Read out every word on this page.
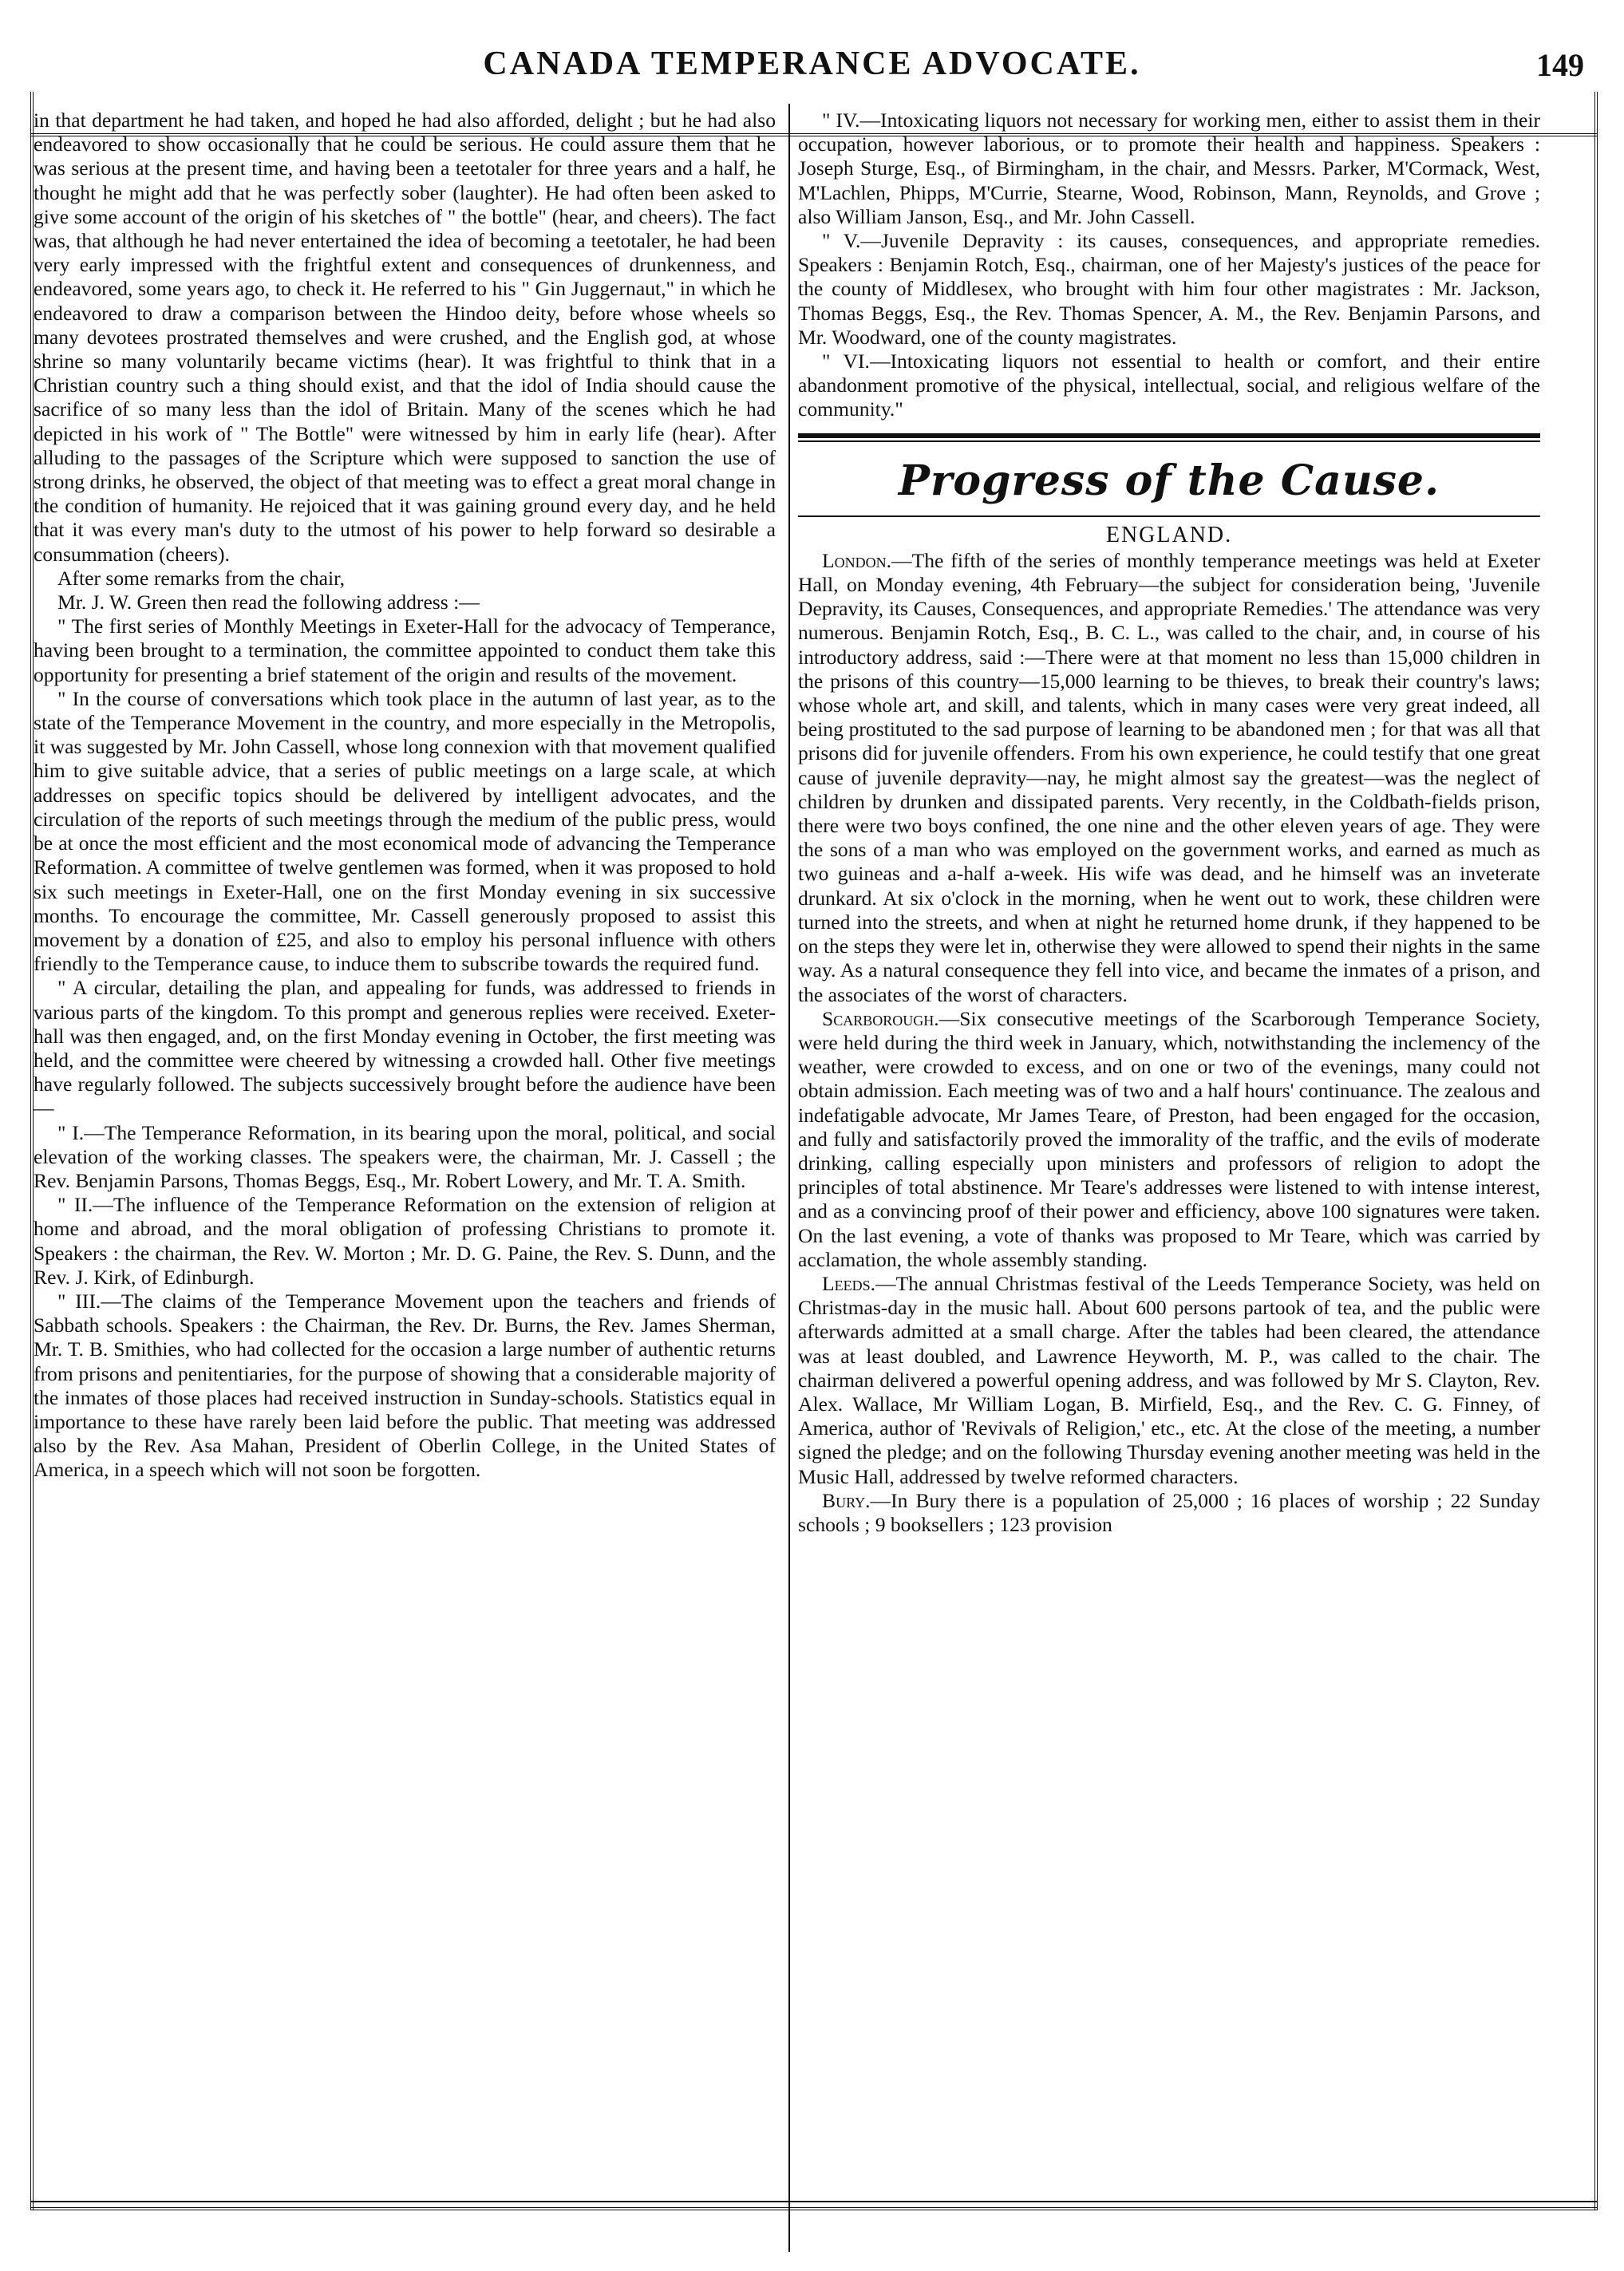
CANADA TEMPERANCE ADVOCATE.	149

in that department he had taken, and hoped he had also afforded, delight ; but he had also endeavored to show occasionally that he could be serious. He could assure them that he was serious at the present time, and having been a teetotaler for three years and a half, he thought he might add that he was perfectly sober (laughter). He had often been asked to give some account of the origin of his sketches of " the bottle" (hear, and cheers). The fact was, that although he had never entertained the idea of becoming a teetotaler, he had been very early impressed with the frightful extent and consequences of drunkenness, and endeavored, some years ago, to check it. He referred to his " Gin Juggernaut," in which he endeavored to draw a comparison between the Hindoo deity, before whose wheels so many devotees prostrated themselves and were crushed, and the English god, at whose shrine so many voluntarily became victims (hear). It was frightful to think that in a Christian country such a thing should exist, and that the idol of India should cause the sacrifice of so many less than the idol of Britain. Many of the scenes which he had depicted in his work of " The Bottle" were witnessed by him in early life (hear). After alluding to the passages of the Scripture which were supposed to sanction the use of strong drinks, he observed, the object of that meeting was to effect a great moral change in the condition of humanity. He rejoiced that it was gaining ground every day, and he held that it was every man's duty to the utmost of his power to help forward so desirable a consummation (cheers).

After some remarks from the chair,

Mr. J. W. Green then read the following address :—

" The first series of Monthly Meetings in Exeter-Hall for the advocacy of Temperance, having been brought to a termination, the committee appointed to conduct them take this opportunity for presenting a brief statement of the origin and results of the movement.

" In the course of conversations which took place in the autumn of last year, as to the state of the Temperance Movement in the country, and more especially in the Metropolis, it was suggested by Mr. John Cassell, whose long connexion with that movement qualified him to give suitable advice, that a series of public meetings on a large scale, at which addresses on specific topics should be delivered by intelligent advocates, and the circulation of the reports of such meetings through the medium of the public press, would be at once the most efficient and the most economical mode of advancing the Temperance Reformation. A committee of twelve gentlemen was formed, when it was proposed to hold six such meetings in Exeter-Hall, one on the first Monday evening in six successive months. To encourage the committee, Mr. Cassell generously proposed to assist this movement by a donation of £25, and also to employ his personal influence with others friendly to the Temperance cause, to induce them to subscribe towards the required fund.

" A circular, detailing the plan, and appealing for funds, was addressed to friends in various parts of the kingdom. To this prompt and generous replies were received. Exeter-hall was then engaged, and, on the first Monday evening in October, the first meeting was held, and the committee were cheered by witnessing a crowded hall. Other five meetings have regularly followed. The subjects successively brought before the audience have been—

" I.—The Temperance Reformation, in its bearing upon the moral, political, and social elevation of the working classes. The speakers were, the chairman, Mr. J. Cassell ; the Rev. Benjamin Parsons, Thomas Beggs, Esq., Mr. Robert Lowery, and Mr. T. A. Smith.

" II.—The influence of the Temperance Reformation on the extension of religion at home and abroad, and the moral obligation of professing Christians to promote it. Speakers : the chairman, the Rev. W. Morton ; Mr. D. G. Paine, the Rev. S. Dunn, and the Rev. J. Kirk, of Edinburgh.

" III.—The claims of the Temperance Movement upon the teachers and friends of Sabbath schools. Speakers : the Chairman, the Rev. Dr. Burns, the Rev. James Sherman, Mr. T. B. Smithies, who had collected for the occasion a large number of authentic returns from prisons and penitentiaries, for the purpose of showing that a considerable majority of the inmates of those places had received instruction in Sunday-schools. Statistics equal in importance to these have rarely been laid before the public. That meeting was addressed also by the Rev. Asa Mahan, President of Oberlin College, in the United States of America, in a speech which will not soon be forgotten.

" IV.—Intoxicating liquors not necessary for working men, either to assist them in their occupation, however laborious, or to promote their health and happiness. Speakers : Joseph Sturge, Esq., of Birmingham, in the chair, and Messrs. Parker, M'Cormack, West, M'Lachlen, Phipps, M'Currie, Stearne, Wood, Robinson, Mann, Reynolds, and Grove ; also William Janson, Esq., and Mr. John Cassell.

" V.—Juvenile Depravity : its causes, consequences, and appropriate remedies. Speakers : Benjamin Rotch, Esq., chairman, one of her Majesty's justices of the peace for the county of Middlesex, who brought with him four other magistrates : Mr. Jackson, Thomas Beggs, Esq., the Rev. Thomas Spencer, A. M., the Rev. Benjamin Parsons, and Mr. Woodward, one of the county magistrates.

" VI.—Intoxicating liquors not essential to health or comfort, and their entire abandonment promotive of the physical, intellectual, social, and religious welfare of the community."

Progress of the Cause.
ENGLAND.

London.—The fifth of the series of monthly temperance meetings was held at Exeter Hall, on Monday evening, 4th February—the subject for consideration being, 'Juvenile Depravity, its Causes, Consequences, and appropriate Remedies.' The attendance was very numerous. Benjamin Rotch, Esq., B. C. L., was called to the chair, and, in course of his introductory address, said :—There were at that moment no less than 15,000 children in the prisons of this country—15,000 learning to be thieves, to break their country's laws; whose whole art, and skill, and talents, which in many cases were very great indeed, all being prostituted to the sad purpose of learning to be abandoned men ; for that was all that prisons did for juvenile offenders. From his own experience, he could testify that one great cause of juvenile depravity—nay, he might almost say the greatest—was the neglect of children by drunken and dissipated parents. Very recently, in the Coldbath-fields prison, there were two boys confined, the one nine and the other eleven years of age. They were the sons of a man who was employed on the government works, and earned as much as two guineas and a-half a-week. His wife was dead, and he himself was an inveterate drunkard. At six o'clock in the morning, when he went out to work, these children were turned into the streets, and when at night he returned home drunk, if they happened to be on the steps they were let in, otherwise they were allowed to spend their nights in the same way. As a natural consequence they fell into vice, and became the inmates of a prison, and the associates of the worst of characters.

Scarborough.—Six consecutive meetings of the Scarborough Temperance Society, were held during the third week in January, which, notwithstanding the inclemency of the weather, were crowded to excess, and on one or two of the evenings, many could not obtain admission. Each meeting was of two and a half hours' continuance. The zealous and indefatigable advocate, Mr James Teare, of Preston, had been engaged for the occasion, and fully and satisfactorily proved the immorality of the traffic, and the evils of moderate drinking, calling especially upon ministers and professors of religion to adopt the principles of total abstinence. Mr Teare's addresses were listened to with intense interest, and as a convincing proof of their power and efficiency, above 100 signatures were taken. On the last evening, a vote of thanks was proposed to Mr Teare, which was carried by acclamation, the whole assembly standing.

Leeds.—The annual Christmas festival of the Leeds Temperance Society, was held on Christmas-day in the music hall. About 600 persons partook of tea, and the public were afterwards admitted at a small charge. After the tables had been cleared, the attendance was at least doubled, and Lawrence Heyworth, M. P., was called to the chair. The chairman delivered a powerful opening address, and was followed by Mr S. Clayton, Rev. Alex. Wallace, Mr William Logan, B. Mirfield, Esq., and the Rev. C. G. Finney, of America, author of 'Revivals of Religion,' etc., etc. At the close of the meeting, a number signed the pledge; and on the following Thursday evening another meeting was held in the Music Hall, addressed by twelve reformed characters.

Bury.—In Bury there is a population of 25,000 ; 16 places of worship ; 22 Sunday schools ; 9 booksellers ; 123 provision
